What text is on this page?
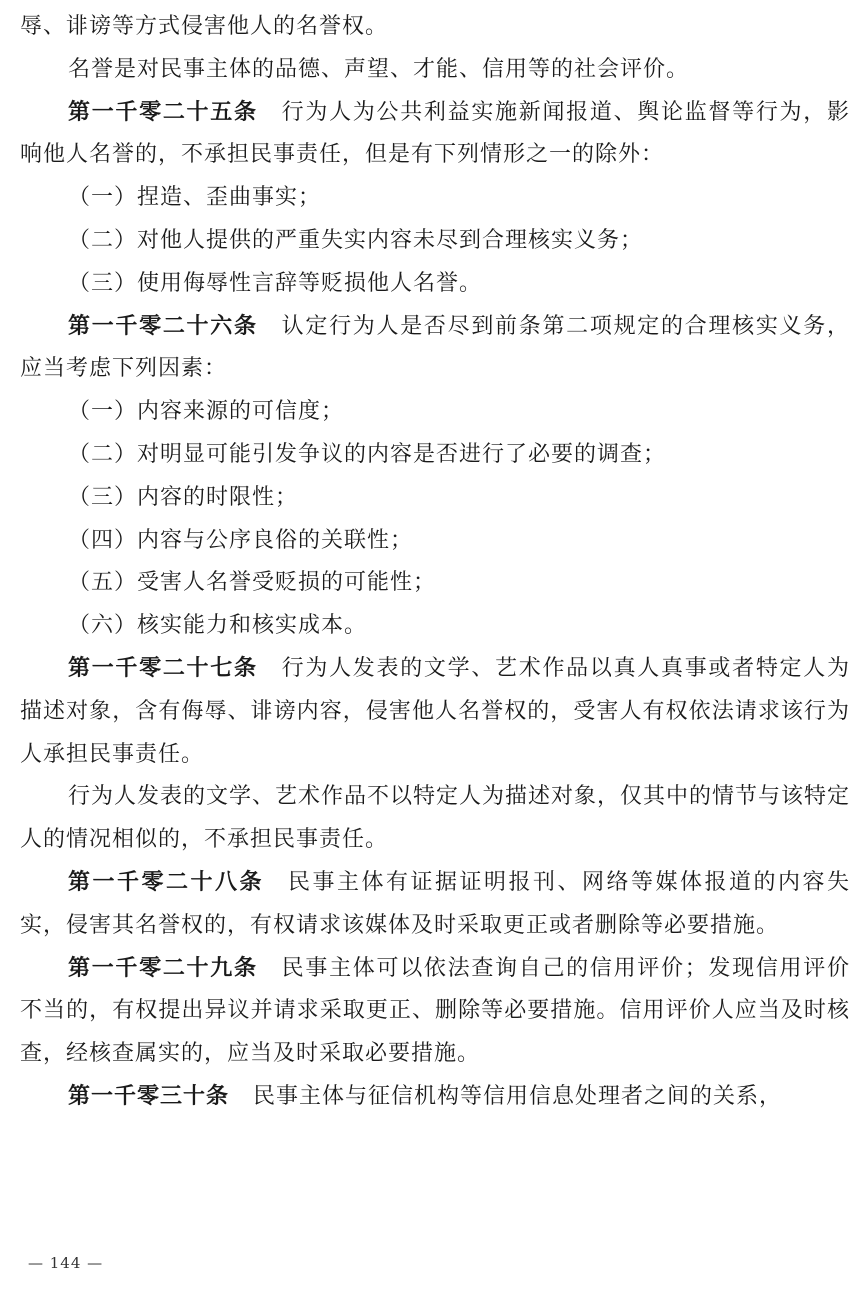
辱、诽谤等方式侵害他人的名誉权。

名誉是对民事主体的品德、声望、才能、信用等的社会评价。

第一千零二十五条 行为人为公共利益实施新闻报道、舆论监督等行为，影响他人名誉的，不承担民事责任，但是有下列情形之一的除外：

（一）捏造、歪曲事实；

（二）对他人提供的严重失实内容未尽到合理核实义务；

（三）使用侮辱性言辞等贬损他人名誉。

第一千零二十六条 认定行为人是否尽到前条第二项规定的合理核实义务，应当考虑下列因素：

（一）内容来源的可信度；

（二）对明显可能引发争议的内容是否进行了必要的调查；

（三）内容的时限性；

（四）内容与公序良俗的关联性；

（五）受害人名誉受贬损的可能性；

（六）核实能力和核实成本。

第一千零二十七条 行为人发表的文学、艺术作品以真人真事或者特定人为描述对象，含有侮辱、诽谤内容，侵害他人名誉权的，受害人有权依法请求该行为人承担民事责任。

行为人发表的文学、艺术作品不以特定人为描述对象，仅其中的情节与该特定人的情况相似的，不承担民事责任。

第一千零二十八条 民事主体有证据证明报刊、网络等媒体报道的内容失实，侵害其名誉权的，有权请求该媒体及时采取更正或者删除等必要措施。

第一千零二十九条 民事主体可以依法查询自己的信用评价；发现信用评价不当的，有权提出异议并请求采取更正、删除等必要措施。信用评价人应当及时核查，经核查属实的，应当及时采取必要措施。

第一千零三十条 民事主体与征信机构等信用信息处理者之间的关系，

— 144 —
